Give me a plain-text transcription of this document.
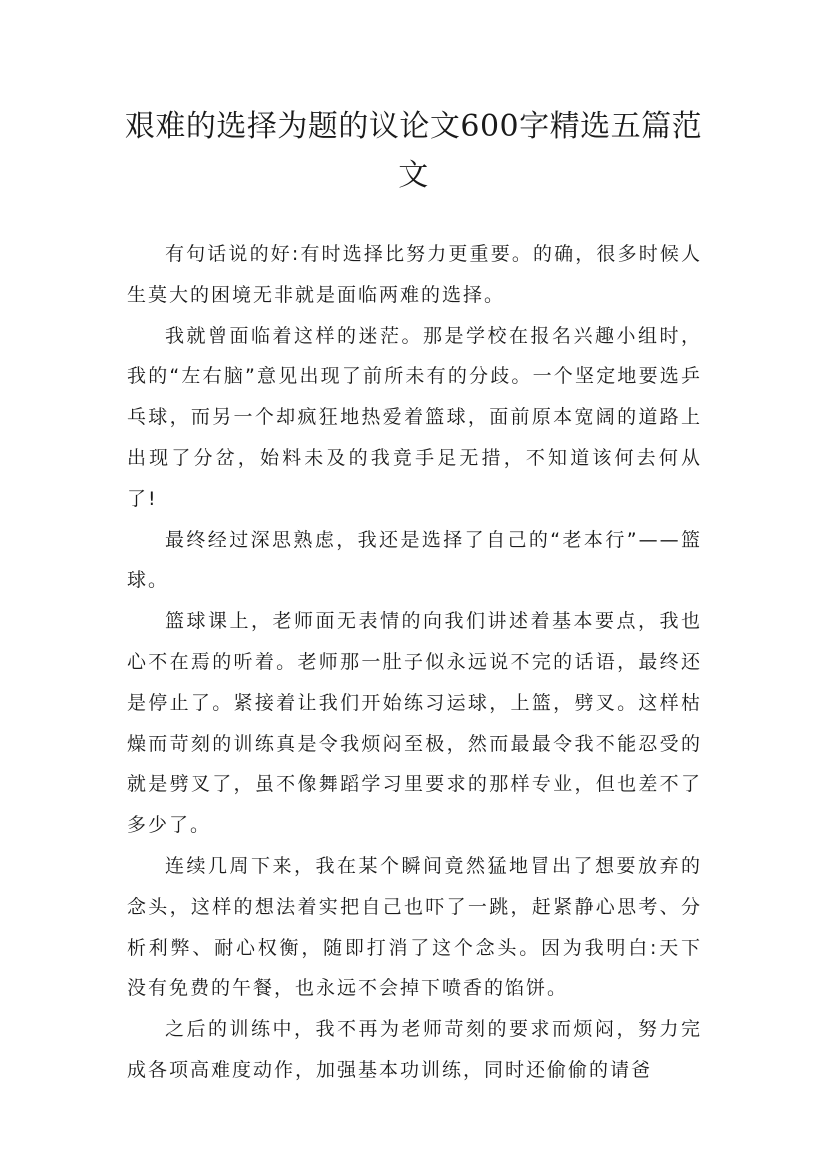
艰难的选择为题的议论文600字精选五篇范文

有句话说的好:有时选择比努力更重要。的确，很多时候人生莫大的困境无非就是面临两难的选择。

我就曾面临着这样的迷茫。那是学校在报名兴趣小组时，我的“左右脑”意见出现了前所未有的分歧。一个坚定地要选乒乓球，而另一个却疯狂地热爱着篮球，面前原本宽阔的道路上出现了分岔，始料未及的我竟手足无措，不知道该何去何从了!

最终经过深思熟虑，我还是选择了自己的“老本行”——篮球。

篮球课上，老师面无表情的向我们讲述着基本要点，我也心不在焉的听着。老师那一肚子似永远说不完的话语，最终还是停止了。紧接着让我们开始练习运球，上篮，劈叉。这样枯燥而苛刻的训练真是令我烦闷至极，然而最最令我不能忍受的就是劈叉了，虽不像舞蹈学习里要求的那样专业，但也差不了多少了。

连续几周下来，我在某个瞬间竟然猛地冒出了想要放弃的念头，这样的想法着实把自己也吓了一跳，赶紧静心思考、分析利弊、耐心权衡，随即打消了这个念头。因为我明白:天下没有免费的午餐，也永远不会掉下喷香的馅饼。

之后的训练中，我不再为老师苛刻的要求而烦闷，努力完成各项高难度动作，加强基本功训练，同时还偷偷的请爸
